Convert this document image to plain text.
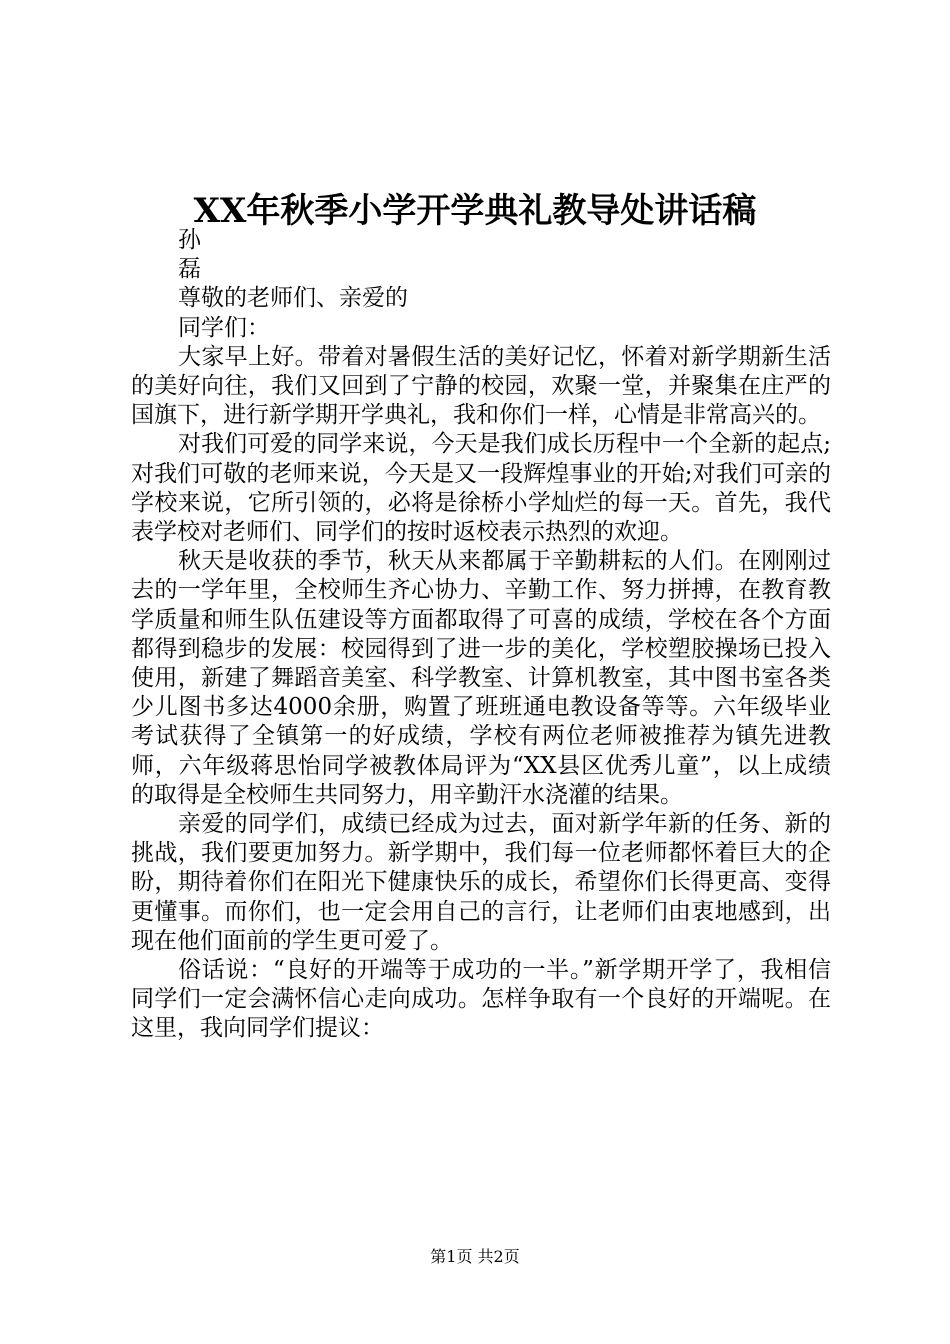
XX年秋季小学开学典礼教导处讲话稿
孙
磊
尊敬的老师们、亲爱的
同学们：
大家早上好。带着对暑假生活的美好记忆，怀着对新学期新生活的美好向往，我们又回到了宁静的校园，欢聚一堂，并聚集在庄严的国旗下，进行新学期开学典礼，我和你们一样，心情是非常高兴的。
对我们可爱的同学来说，今天是我们成长历程中一个全新的起点;对我们可敬的老师来说，今天是又一段辉煌事业的开始;对我们可亲的学校来说，它所引领的，必将是徐桥小学灿烂的每一天。首先，我代表学校对老师们、同学们的按时返校表示热烈的欢迎。
秋天是收获的季节，秋天从来都属于辛勤耕耘的人们。在刚刚过去的一学年里，全校师生齐心协力、辛勤工作、努力拼搏，在教育教学质量和师生队伍建设等方面都取得了可喜的成绩，学校在各个方面都得到稳步的发展：校园得到了进一步的美化，学校塑胶操场已投入使用，新建了舞蹈音美室、科学教室、计算机教室，其中图书室各类少儿图书多达4000余册，购置了班班通电教设备等等。六年级毕业考试获得了全镇第一的好成绩，学校有两位老师被推荐为镇先进教师，六年级蒋思怡同学被教体局评为“XX县区优秀儿童”，以上成绩的取得是全校师生共同努力，用辛勤汗水浇灌的结果。
亲爱的同学们，成绩已经成为过去，面对新学年新的任务、新的挑战，我们要更加努力。新学期中，我们每一位老师都怀着巨大的企盼，期待着你们在阳光下健康快乐的成长，希望你们长得更高、变得更懂事。而你们，也一定会用自己的言行，让老师们由衷地感到，出现在他们面前的学生更可爱了。
俗话说：“良好的开端等于成功的一半。”新学期开学了，我相信同学们一定会满怀信心走向成功。怎样争取有一个良好的开端呢。在这里，我向同学们提议：
第1页 共2页
